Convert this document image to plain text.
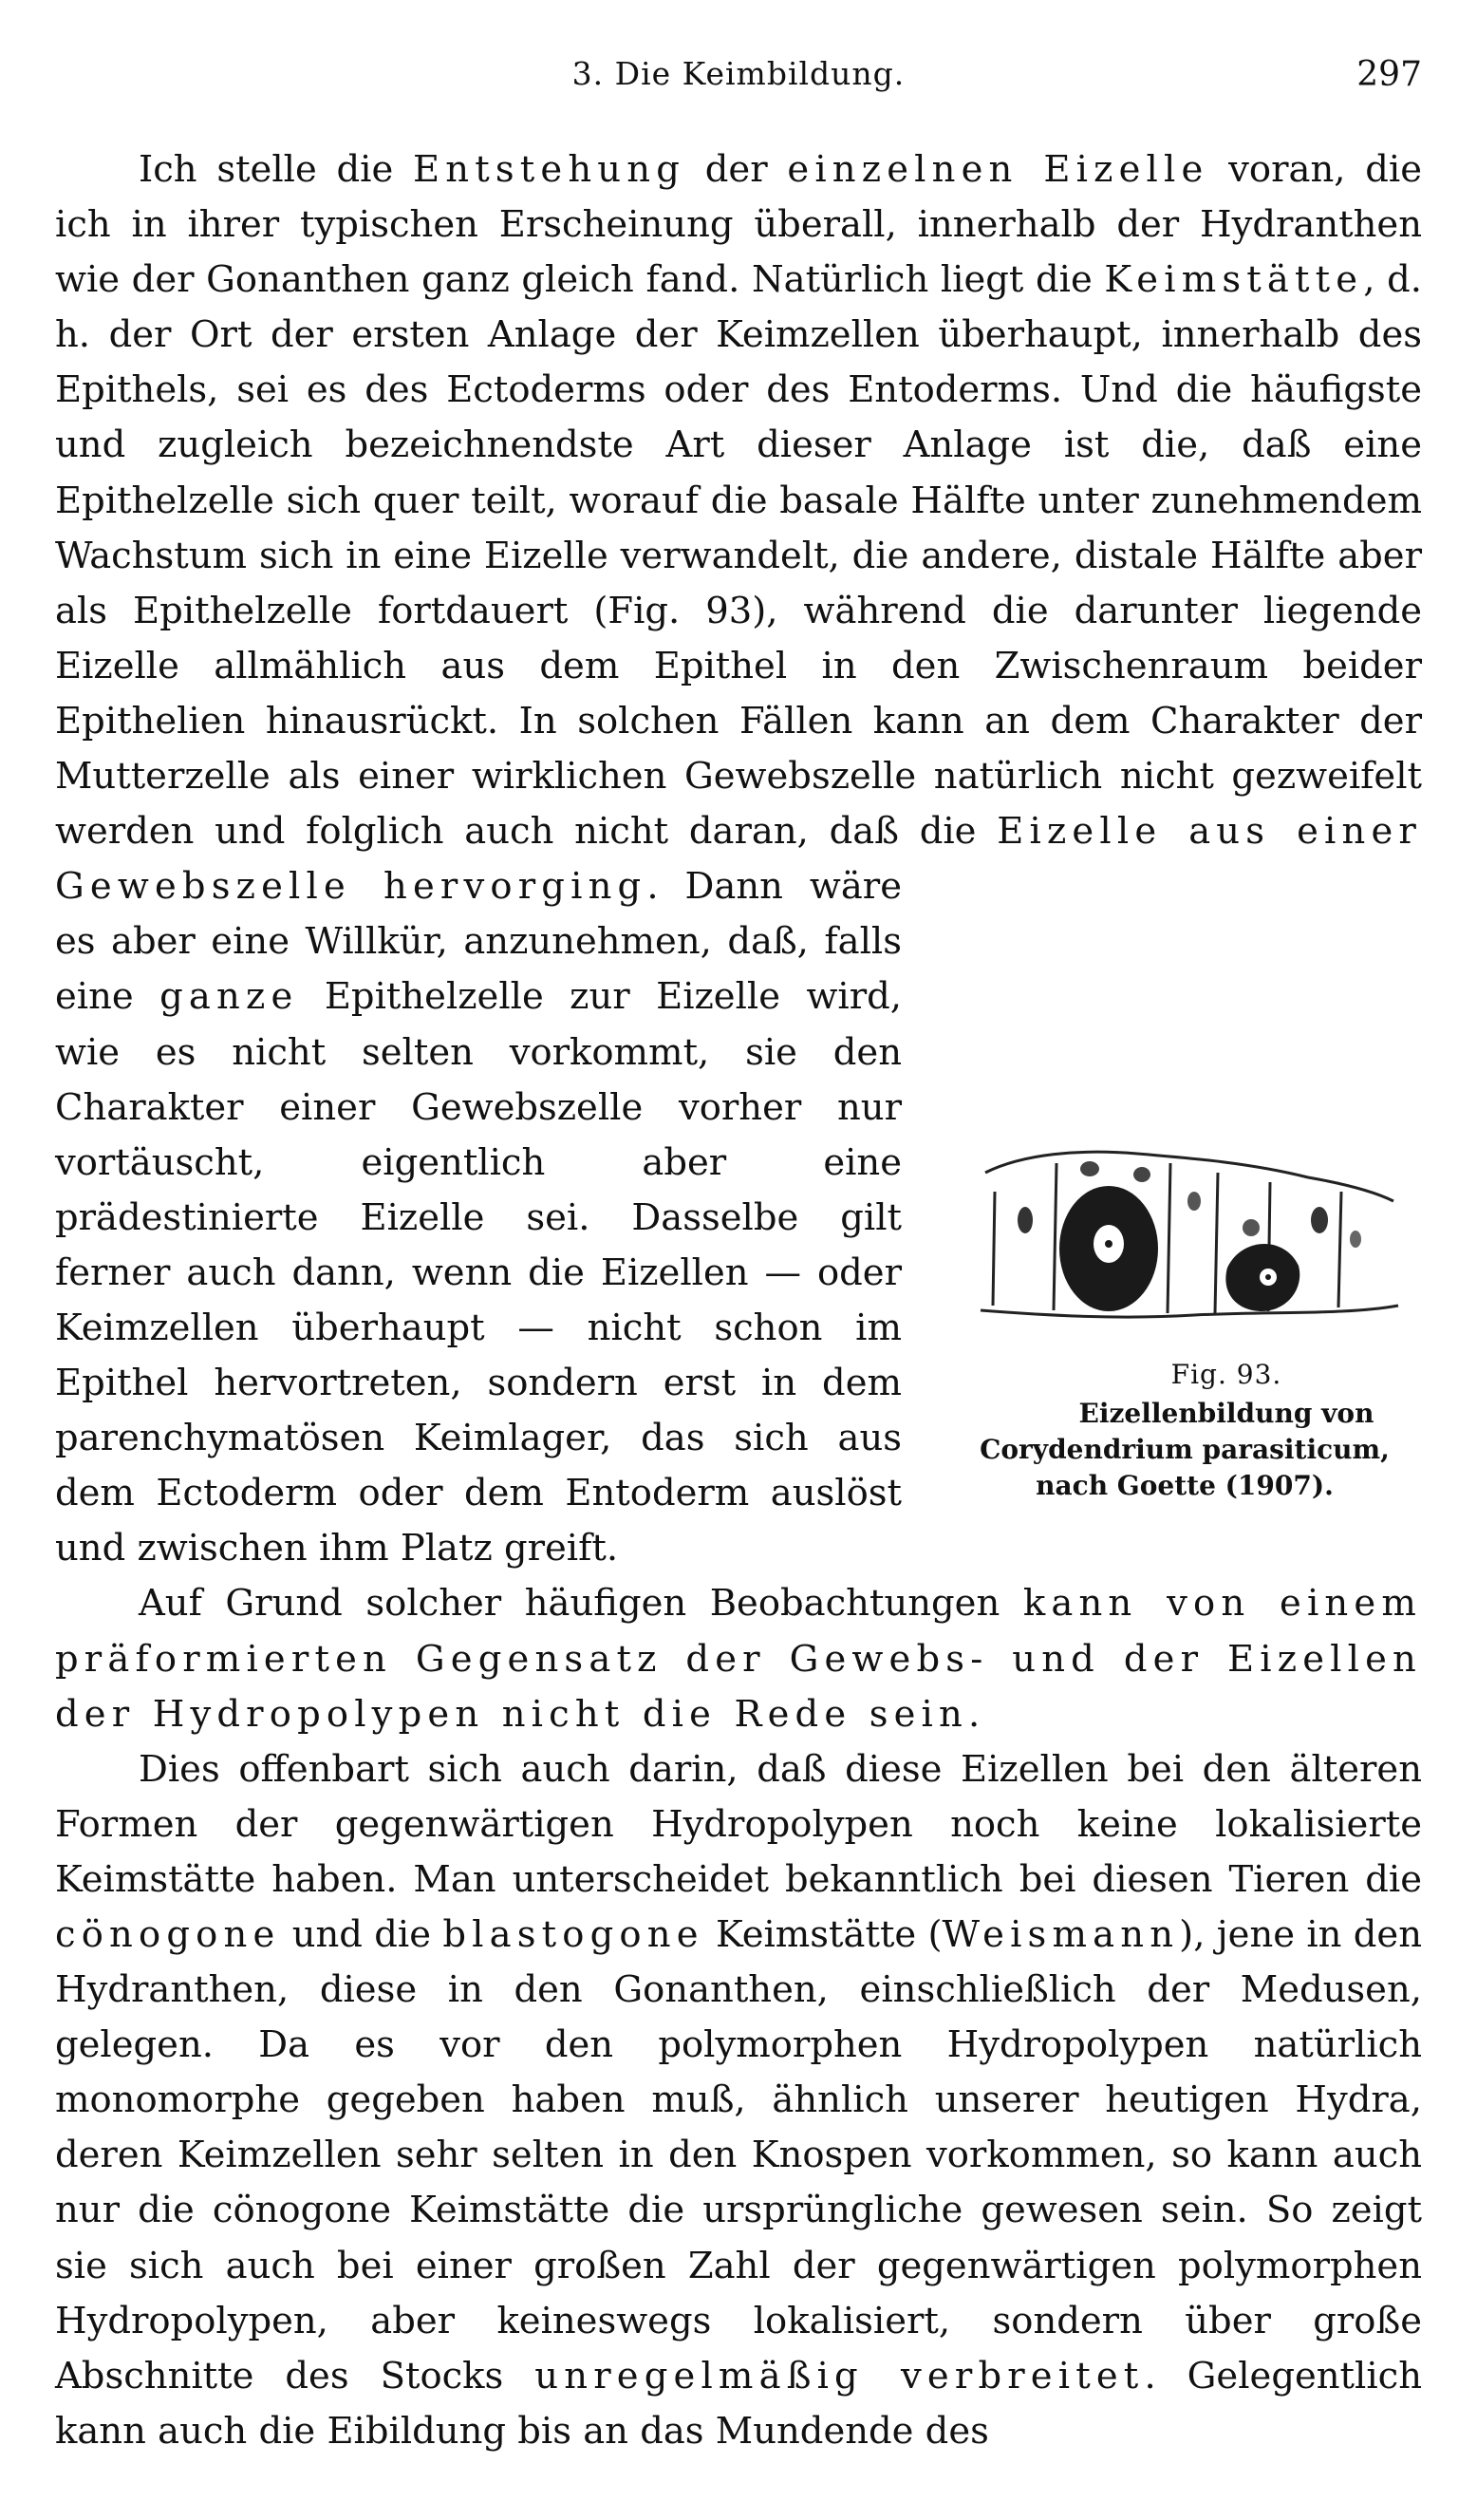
3. Die Keimbildung.	297

Ich stelle die Entstehung der einzelnen Eizelle voran, die ich in ihrer typischen Erscheinung überall, innerhalb der Hydranthen wie der Gonanthen ganz gleich fand. Natürlich liegt die Keimstätte, d. h. der Ort der ersten Anlage der Keimzellen überhaupt, innerhalb des Epithels, sei es des Ectoderms oder des Entoderms. Und die häufigste und zugleich bezeichnendste Art dieser Anlage ist die, daß eine Epithelzelle sich quer teilt, worauf die basale Hälfte unter zunehmendem Wachstum sich in eine Eizelle verwandelt, die andere, distale Hälfte aber als Epithelzelle fortdauert (Fig. 93), während die darunter liegende Eizelle allmählich aus dem Epithel in den Zwischenraum beider Epithelien hinausrückt. In solchen Fällen kann an dem Charakter der Mutterzelle als einer wirklichen Gewebszelle natürlich nicht gezweifelt werden und folglich auch nicht daran, daß die
Fig. 93.
Eizellenbildung von Corydendrium parasiticum, nach Goette (1907).
Eizelle aus einer Gewebszelle hervorging. Dann wäre es aber eine Willkür, anzunehmen, daß, falls eine ganze Epithelzelle zur Eizelle wird, wie es nicht selten vorkommt, sie den Charakter einer Gewebszelle vorher nur vortäuscht, eigentlich aber eine prädestinierte Eizelle sei. Dasselbe gilt ferner auch dann, wenn die Eizellen — oder Keimzellen überhaupt — nicht schon im Epithel hervortreten, sondern erst in dem parenchymatösen Keimlager, das sich aus dem Ectoderm oder dem Entoderm auslöst und zwischen ihm Platz greift.

Auf Grund solcher häufigen Beobachtungen kann von einem präformierten Gegensatz der Gewebs- und der Eizellen der Hydropolypen nicht die Rede sein.

Dies offenbart sich auch darin, daß diese Eizellen bei den älteren Formen der gegenwärtigen Hydropolypen noch keine lokalisierte Keimstätte haben. Man unterscheidet bekanntlich bei diesen Tieren die cönogone und die blastogone Keimstätte (Weismann), jene in den Hydranthen, diese in den Gonanthen, einschließlich der Medusen, gelegen. Da es vor den polymorphen Hydropolypen natürlich monomorphe gegeben haben muß, ähnlich unserer heutigen Hydra, deren Keimzellen sehr selten in den Knospen vorkommen, so kann auch nur die cönogone Keimstätte die ursprüngliche gewesen sein. So zeigt sie sich auch bei einer großen Zahl der gegenwärtigen polymorphen Hydropolypen, aber keineswegs lokalisiert, sondern über große Abschnitte des Stocks unregelmäßig verbreitet. Gelegentlich kann auch die Eibildung bis an das Mundende des
